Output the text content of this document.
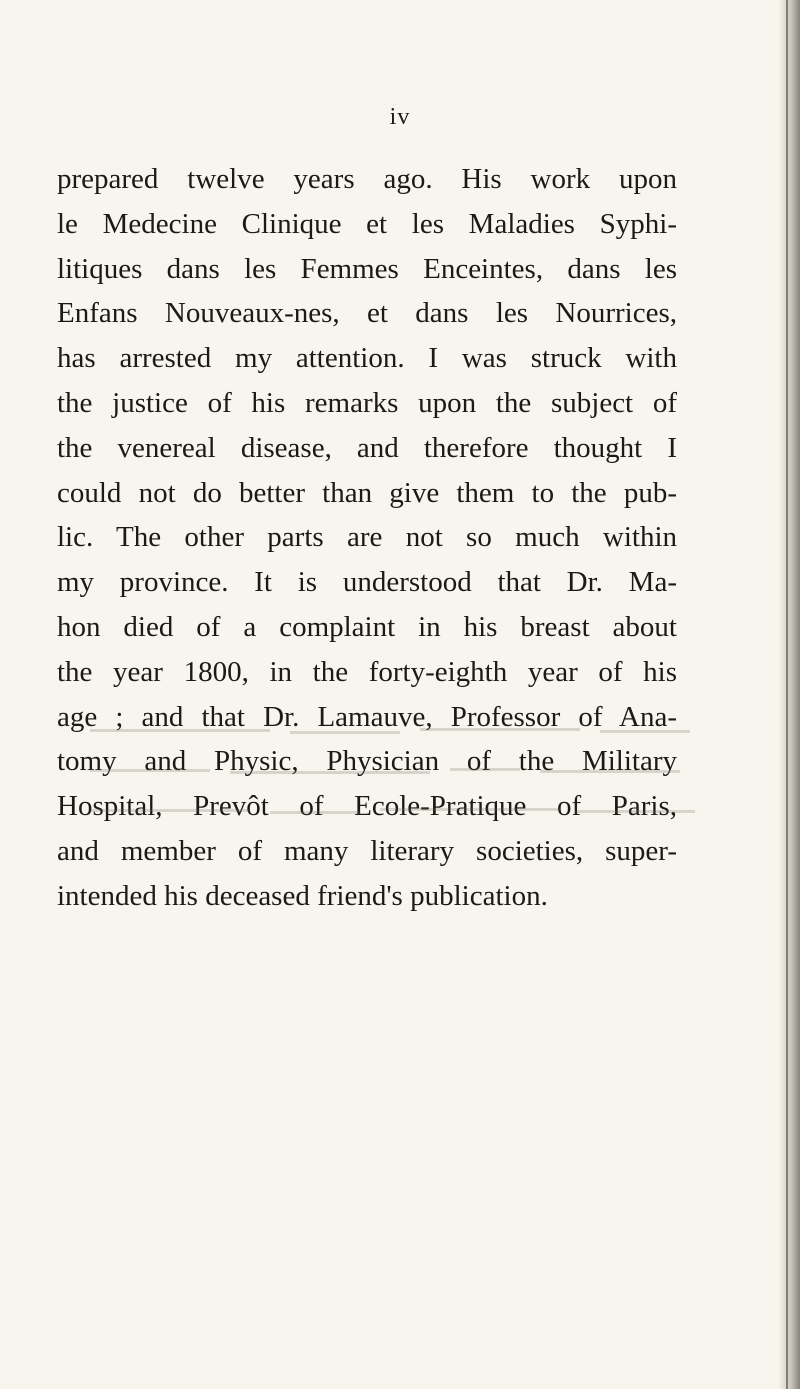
iv
prepared twelve years ago. His work upon
le Medecine Clinique et les Maladies Syphi-
litiques dans les Femmes Enceintes, dans les
Enfans Nouveaux-nes, et dans les Nourrices,
has arrested my attention. I was struck with
the justice of his remarks upon the subject of
the venereal disease, and therefore thought I
could not do better than give them to the pub-
lic. The other parts are not so much within
my province. It is understood that Dr. Ma-
hon died of a complaint in his breast about
the year 1800, in the forty-eighth year of his
age ; and that Dr. Lamauve, Professor of Ana-
tomy and Physic, Physician of the Military
Hospital, Prevôt of Ecole-Pratique of Paris,
and member of many literary societies, super-
intended his deceased friend's publication.
